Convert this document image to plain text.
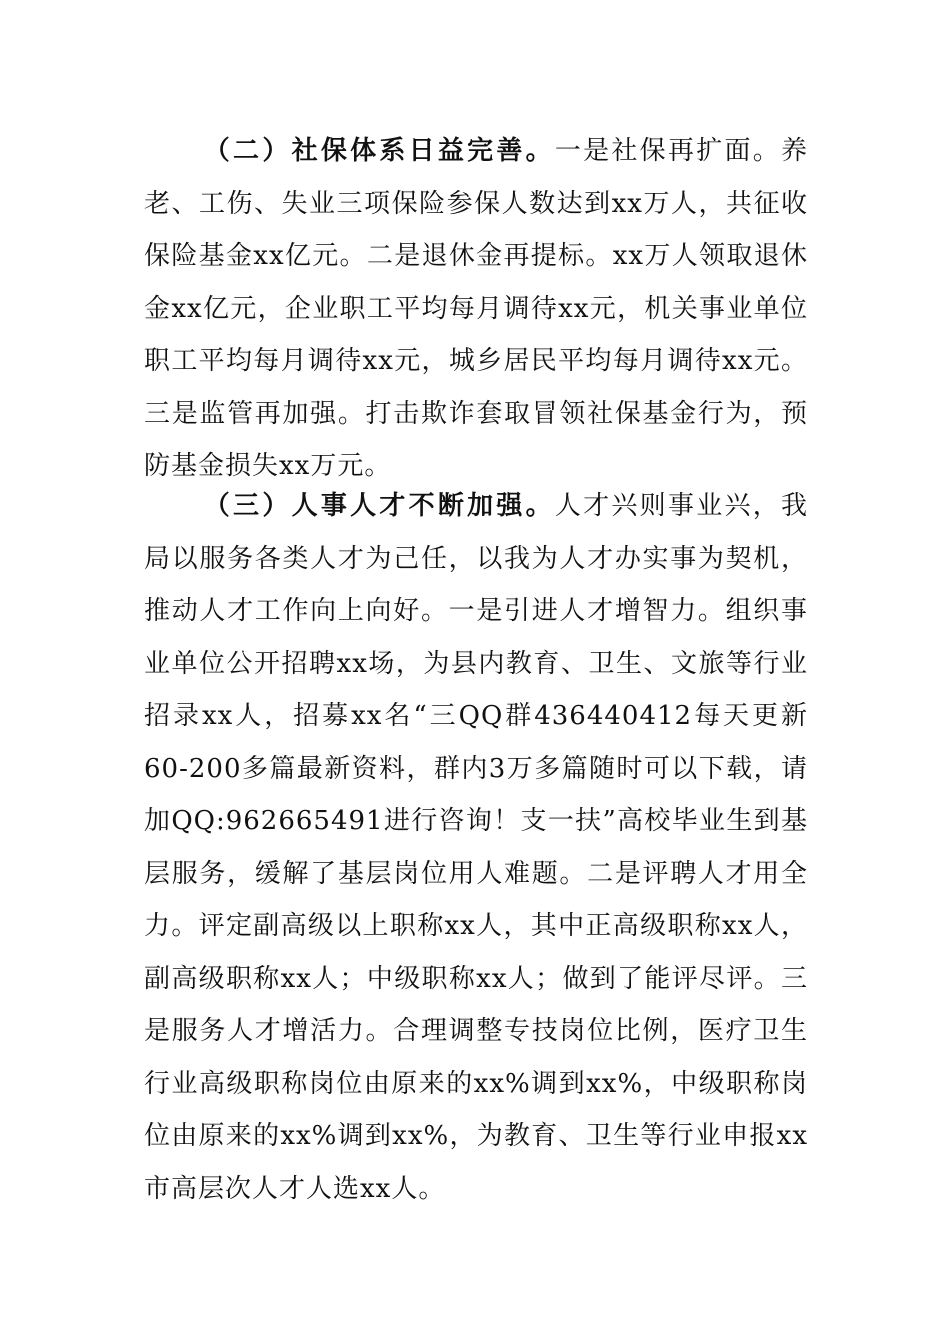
（二）社保体系日益完善。一是社保再扩面。养老、工伤、失业三项保险参保人数达到xx万人，共征收保险基金xx亿元。二是退休金再提标。xx万人领取退休金xx亿元，企业职工平均每月调待xx元，机关事业单位职工平均每月调待xx元，城乡居民平均每月调待xx元。三是监管再加强。打击欺诈套取冒领社保基金行为，预防基金损失xx万元。

（三）人事人才不断加强。人才兴则事业兴，我局以服务各类人才为己任，以我为人才办实事为契机，推动人才工作向上向好。一是引进人才增智力。组织事业单位公开招聘xx场，为县内教育、卫生、文旅等行业招录xx人，招募xx名“三QQ群436440412每天更新60-200多篇最新资料，群内3万多篇随时可以下载，请加QQ:962665491进行咨询！支一扶”高校毕业生到基层服务，缓解了基层岗位用人难题。二是评聘人才用全力。评定副高级以上职称xx人，其中正高级职称xx人，副高级职称xx人；中级职称xx人；做到了能评尽评。三是服务人才增活力。合理调整专技岗位比例，医疗卫生行业高级职称岗位由原来的xx%调到xx%，中级职称岗位由原来的xx%调到xx%，为教育、卫生等行业申报xx市高层次人才人选xx人。
